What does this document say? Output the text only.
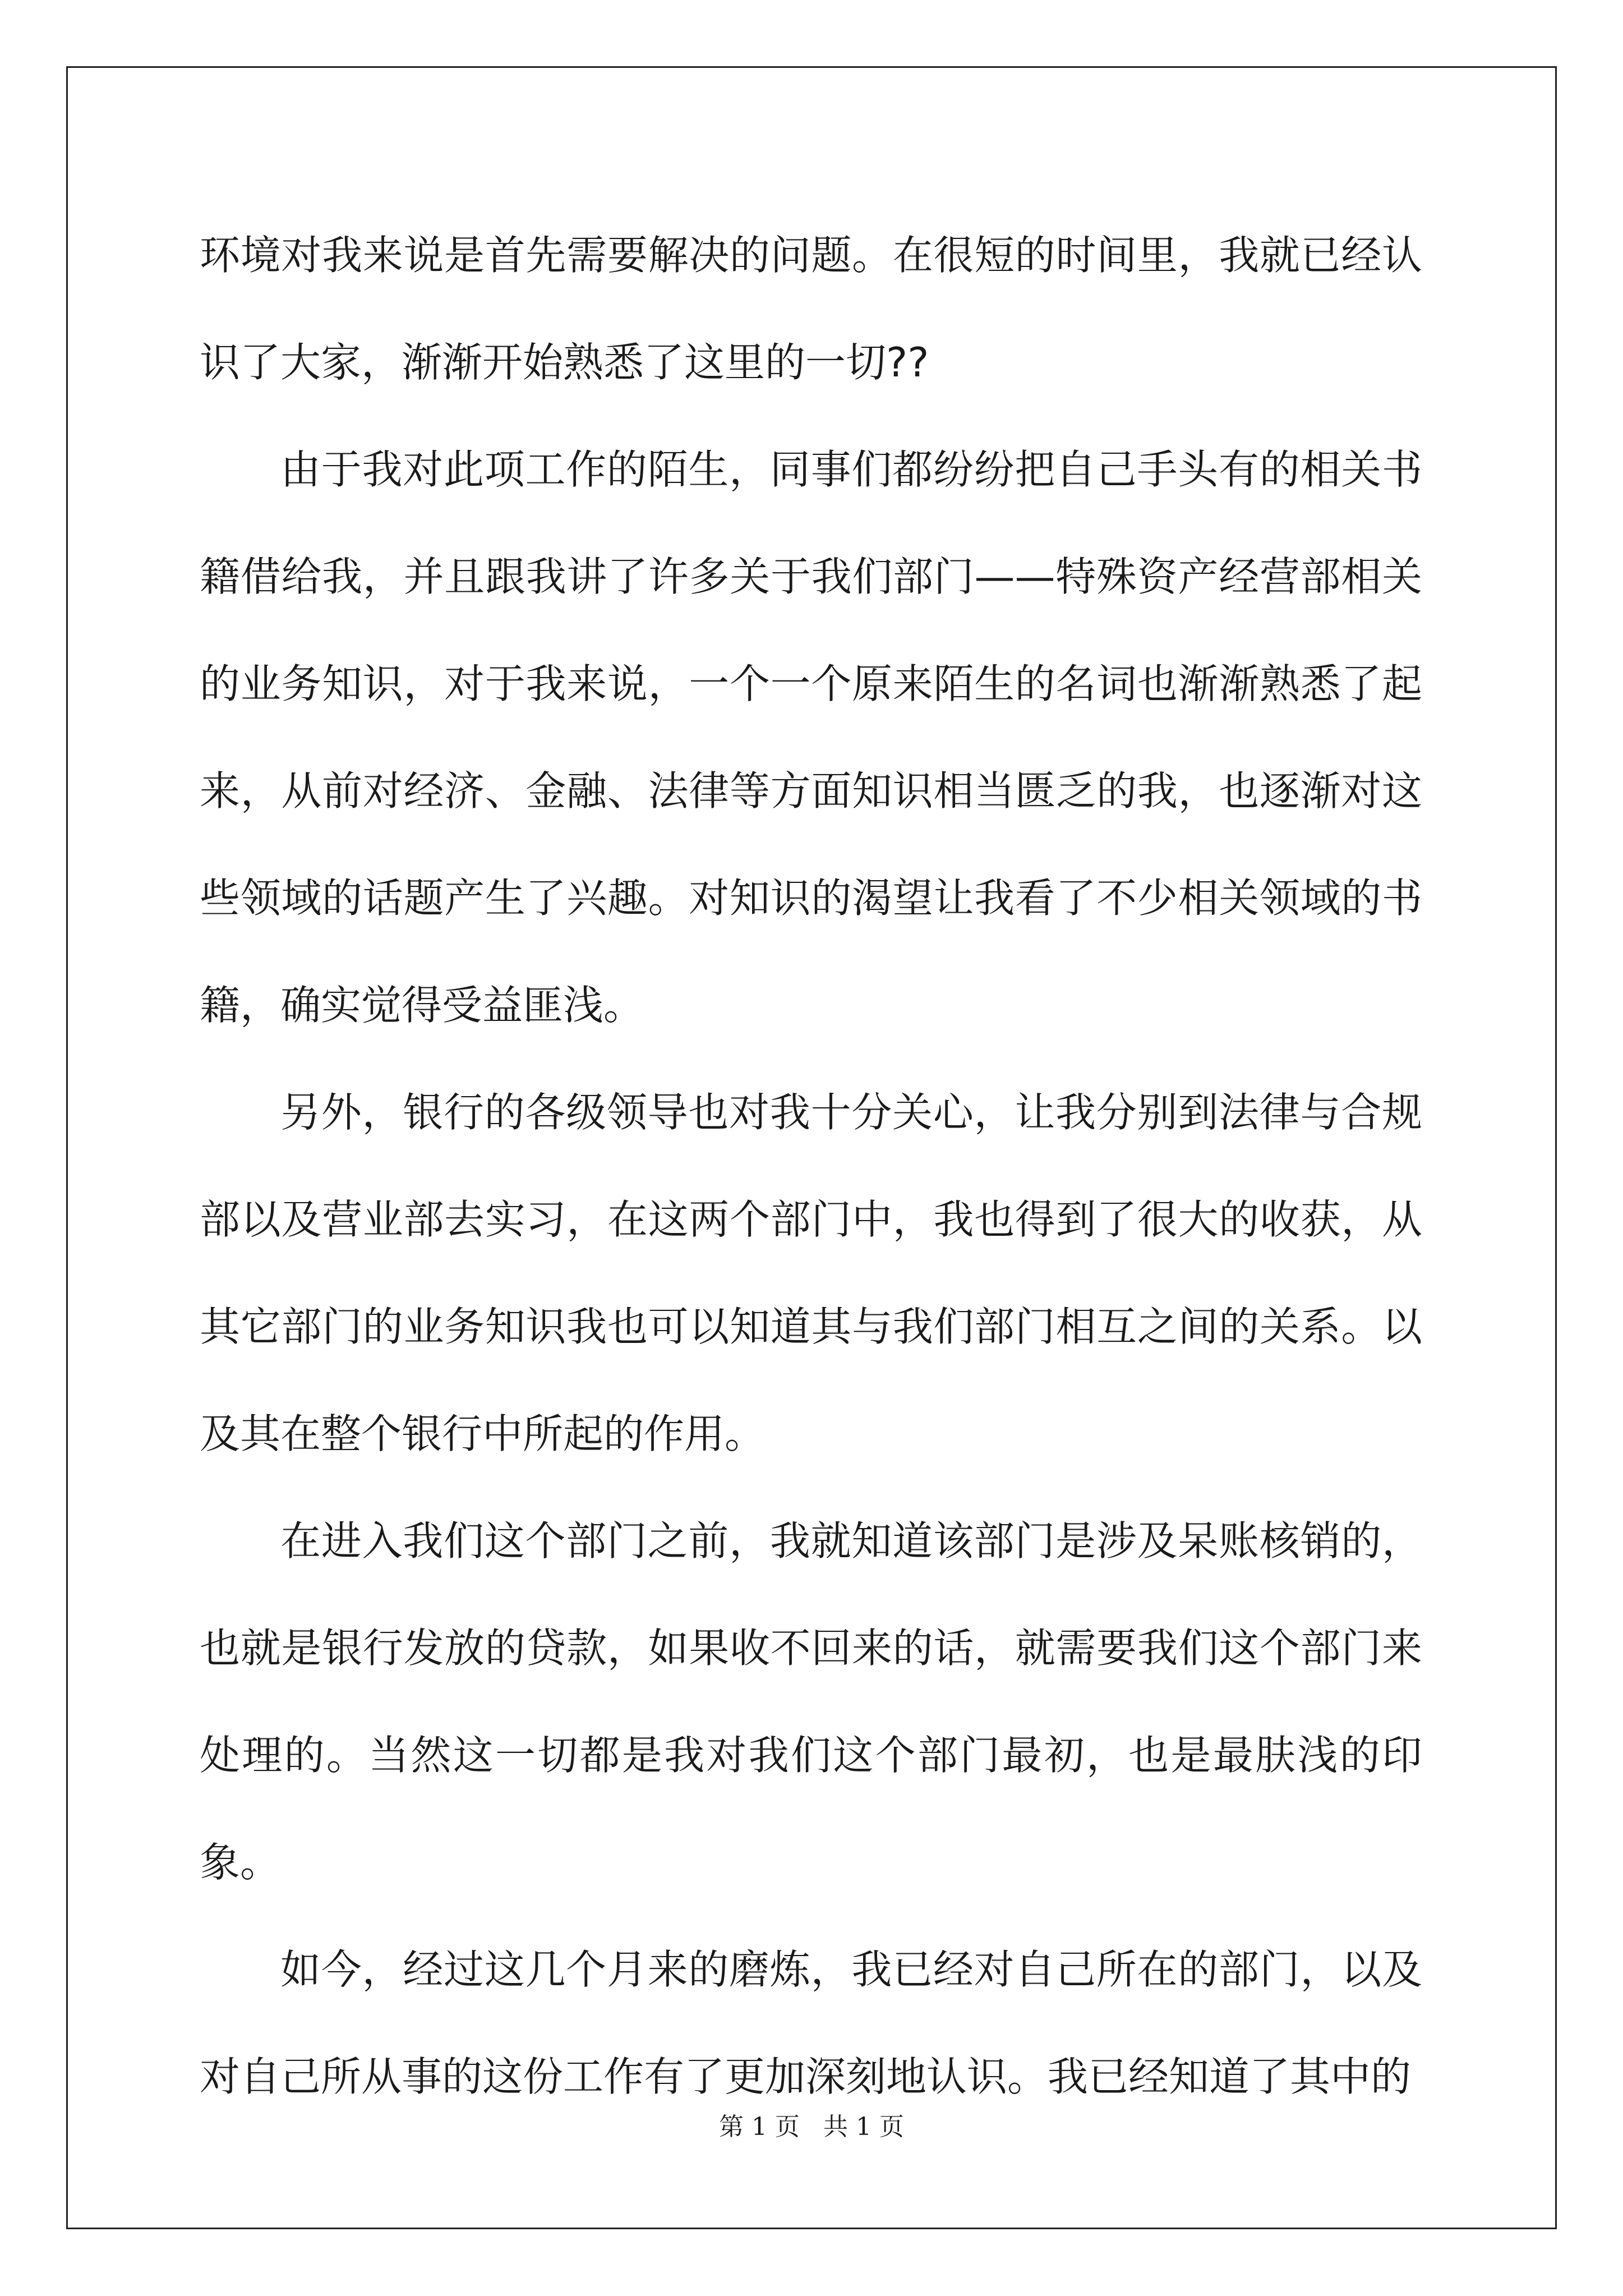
环境对我来说是首先需要解决的问题。在很短的时间里，我就已经认识了大家，渐渐开始熟悉了这里的一切??

由于我对此项工作的陌生，同事们都纷纷把自己手头有的相关书籍借给我，并且跟我讲了许多关于我们部门——特殊资产经营部相关的业务知识，对于我来说，一个一个原来陌生的名词也渐渐熟悉了起来，从前对经济、金融、法律等方面知识相当匮乏的我，也逐渐对这些领域的话题产生了兴趣。对知识的渴望让我看了不少相关领域的书籍，确实觉得受益匪浅。

另外，银行的各级领导也对我十分关心，让我分别到法律与合规部以及营业部去实习，在这两个部门中，我也得到了很大的收获，从其它部门的业务知识我也可以知道其与我们部门相互之间的关系。以及其在整个银行中所起的作用。

在进入我们这个部门之前，我就知道该部门是涉及呆账核销的，也就是银行发放的贷款，如果收不回来的话，就需要我们这个部门来处理的。当然这一切都是我对我们这个部门最初，也是最肤浅的印象。

如今，经过这几个月来的磨炼，我已经对自己所在的部门，以及对自己所从事的这份工作有了更加深刻地认识。我已经知道了其中的

第 1 页   共 1 页
